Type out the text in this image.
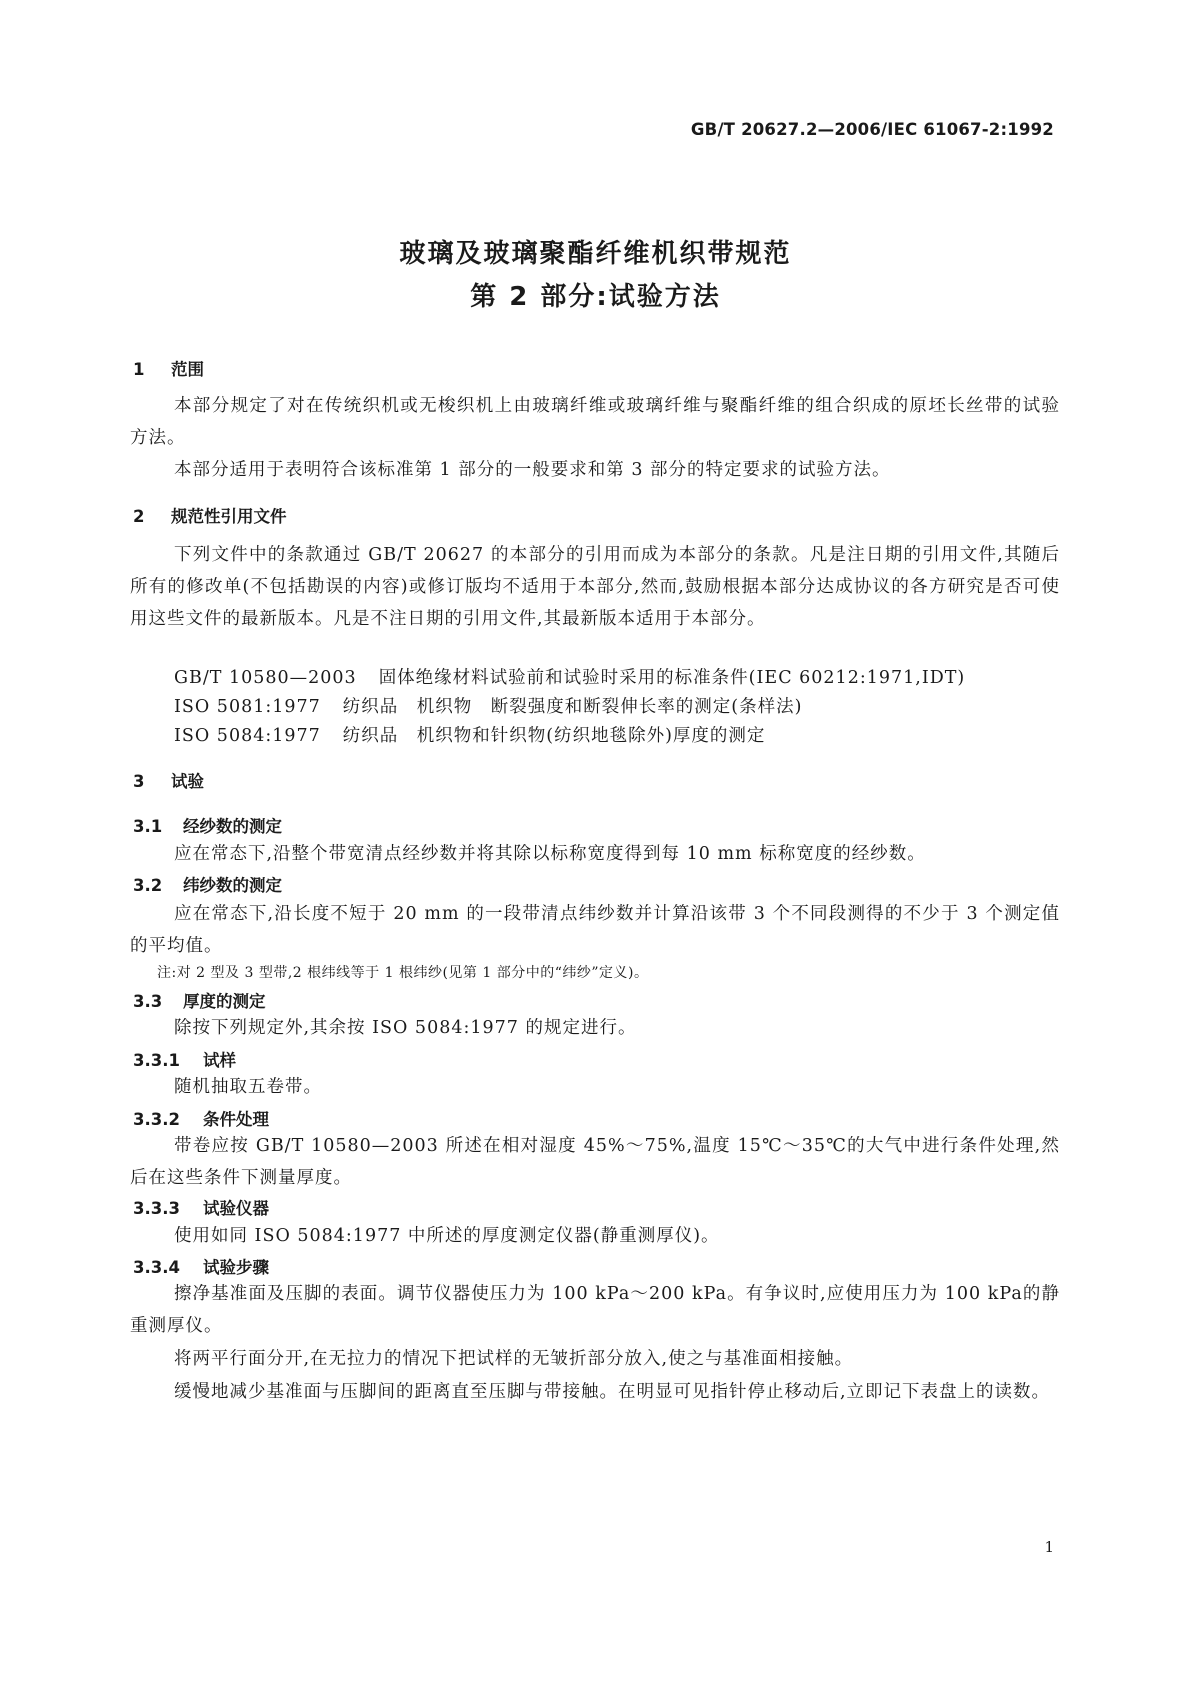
GB/T 20627.2—2006/IEC 61067-2:1992
玻璃及玻璃聚酯纤维机织带规范
第 2 部分:试验方法
1 范围
本部分规定了对在传统织机或无梭织机上由玻璃纤维或玻璃纤维与聚酯纤维的组合织成的原坯长丝带的试验方法。
本部分适用于表明符合该标准第 1 部分的一般要求和第 3 部分的特定要求的试验方法。
2 规范性引用文件
下列文件中的条款通过 GB/T 20627 的本部分的引用而成为本部分的条款。凡是注日期的引用文件,其随后所有的修改单(不包括勘误的内容)或修订版均不适用于本部分,然而,鼓励根据本部分达成协议的各方研究是否可使用这些文件的最新版本。凡是不注日期的引用文件,其最新版本适用于本部分。
GB/T 10580—2003 固体绝缘材料试验前和试验时采用的标准条件(IEC 60212:1971,IDT)
ISO 5081:1977 纺织品　机织物　断裂强度和断裂伸长率的测定(条样法)
ISO 5084:1977 纺织品　机织物和针织物(纺织地毯除外)厚度的测定
3 试验
3.1 经纱数的测定
应在常态下,沿整个带宽清点经纱数并将其除以标称宽度得到每 10 mm 标称宽度的经纱数。
3.2 纬纱数的测定
应在常态下,沿长度不短于 20 mm 的一段带清点纬纱数并计算沿该带 3 个不同段测得的不少于 3 个测定值的平均值。
注:对 2 型及 3 型带,2 根纬线等于 1 根纬纱(见第 1 部分中的“纬纱”定义)。
3.3 厚度的测定
除按下列规定外,其余按 ISO 5084:1977 的规定进行。
3.3.1 试样
随机抽取五卷带。
3.3.2 条件处理
带卷应按 GB/T 10580—2003 所述在相对湿度 45%～75%,温度 15℃～35℃的大气中进行条件处理,然后在这些条件下测量厚度。
3.3.3 试验仪器
使用如同 ISO 5084:1977 中所述的厚度测定仪器(静重测厚仪)。
3.3.4 试验步骤
擦净基准面及压脚的表面。调节仪器使压力为 100 kPa～200 kPa。有争议时,应使用压力为 100 kPa的静重测厚仪。
将两平行面分开,在无拉力的情况下把试样的无皱折部分放入,使之与基准面相接触。
缓慢地减少基准面与压脚间的距离直至压脚与带接触。在明显可见指针停止移动后,立即记下表盘上的读数。
1
